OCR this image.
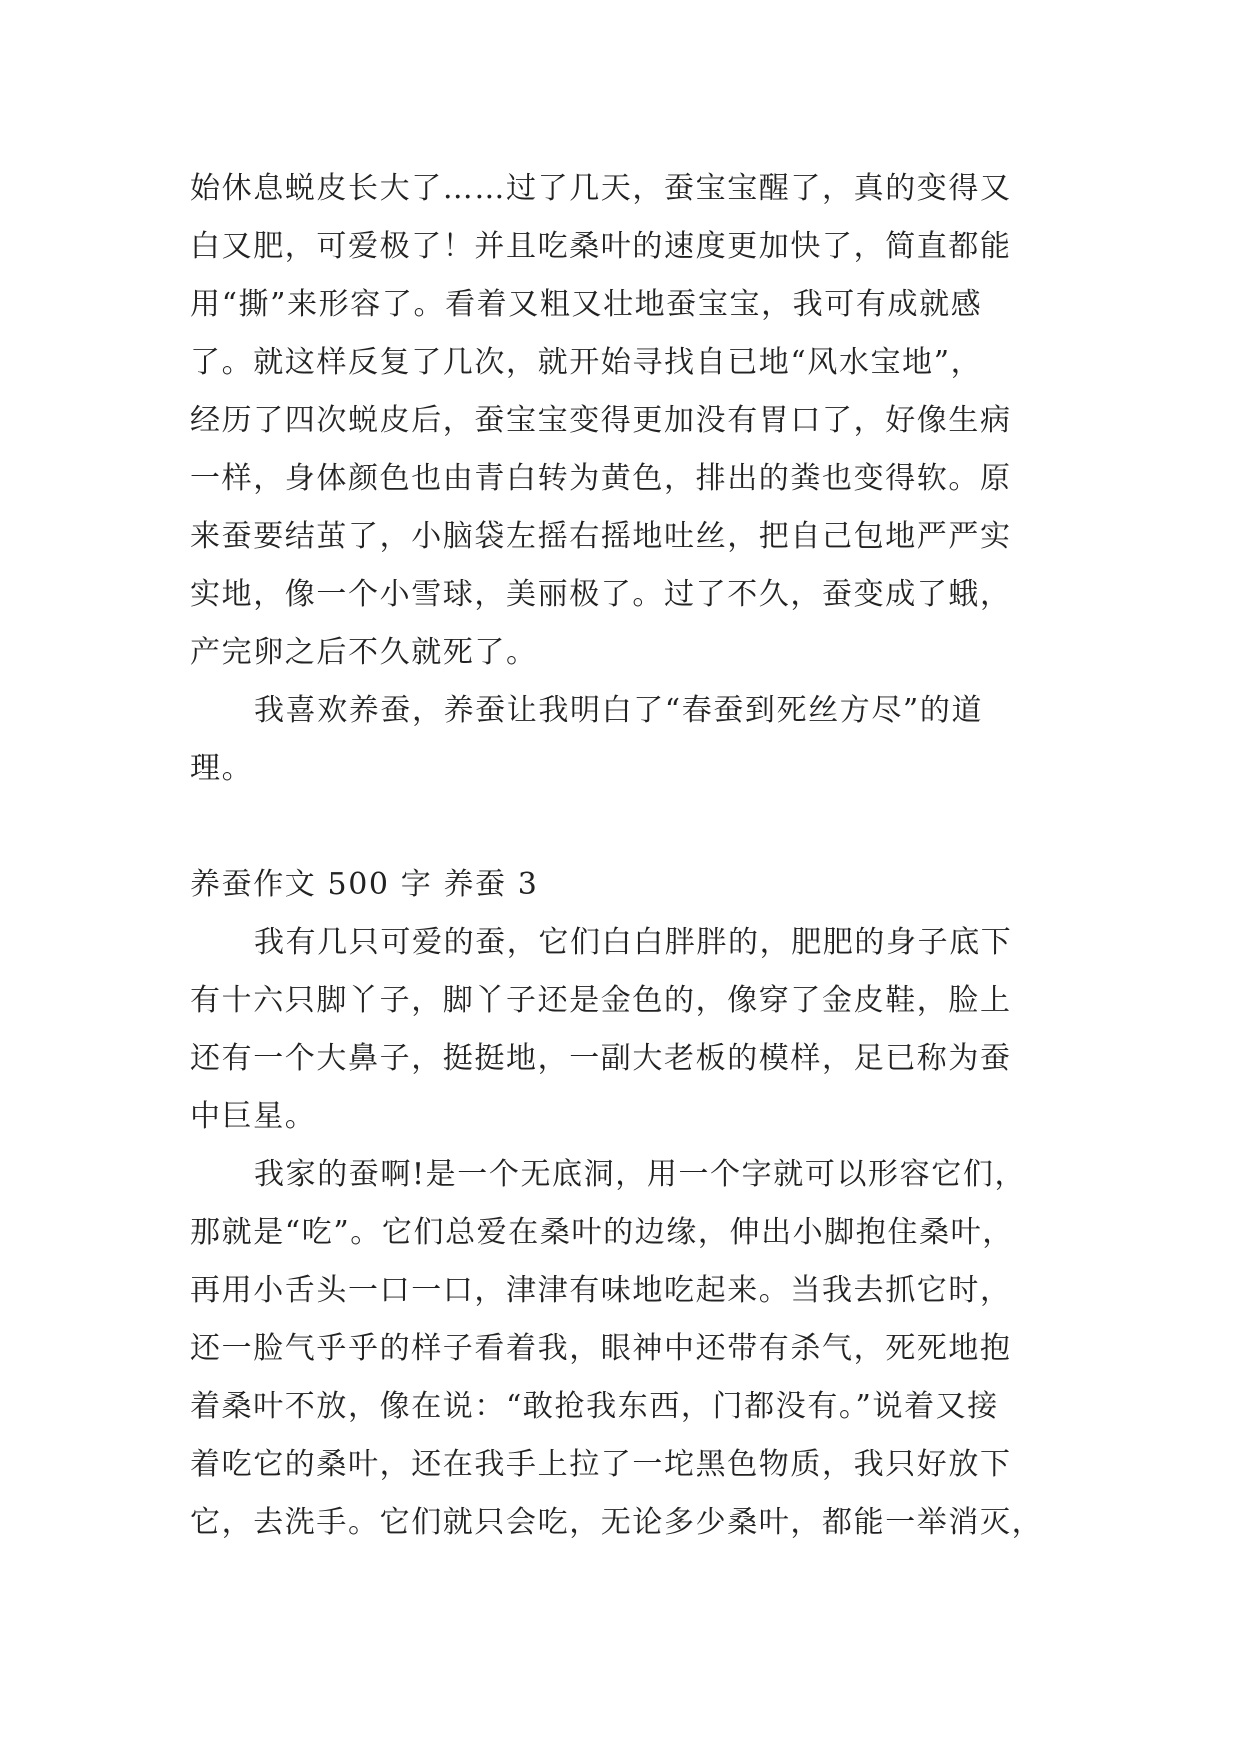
始休息蜕皮长大了……过了几天，蚕宝宝醒了，真的变得又
白又肥，可爱极了！并且吃桑叶的速度更加快了，简直都能
用“撕”来形容了。看着又粗又壮地蚕宝宝，我可有成就感
了。就这样反复了几次，就开始寻找自已地“风水宝地”，
经历了四次蜕皮后，蚕宝宝变得更加没有胃口了，好像生病
一样，身体颜色也由青白转为黄色，排出的粪也变得软。原
来蚕要结茧了，小脑袋左摇右摇地吐丝，把自己包地严严实
实地，像一个小雪球，美丽极了。过了不久，蚕变成了蛾，
产完卵之后不久就死了。
我喜欢养蚕，养蚕让我明白了“春蚕到死丝方尽”的道
理。
养蚕作文 500 字 养蚕 3
我有几只可爱的蚕，它们白白胖胖的，肥肥的身子底下
有十六只脚丫子，脚丫子还是金色的，像穿了金皮鞋，脸上
还有一个大鼻子，挺挺地，一副大老板的模样，足已称为蚕
中巨星。
我家的蚕啊!是一个无底洞，用一个字就可以形容它们，
那就是“吃”。它们总爱在桑叶的边缘，伸出小脚抱住桑叶，
再用小舌头一口一口，津津有味地吃起来。当我去抓它时，
还一脸气乎乎的样子看着我，眼神中还带有杀气，死死地抱
着桑叶不放，像在说：“敢抢我东西，门都没有。”说着又接
着吃它的桑叶，还在我手上拉了一坨黑色物质，我只好放下
它，去洗手。它们就只会吃，无论多少桑叶，都能一举消灭，
